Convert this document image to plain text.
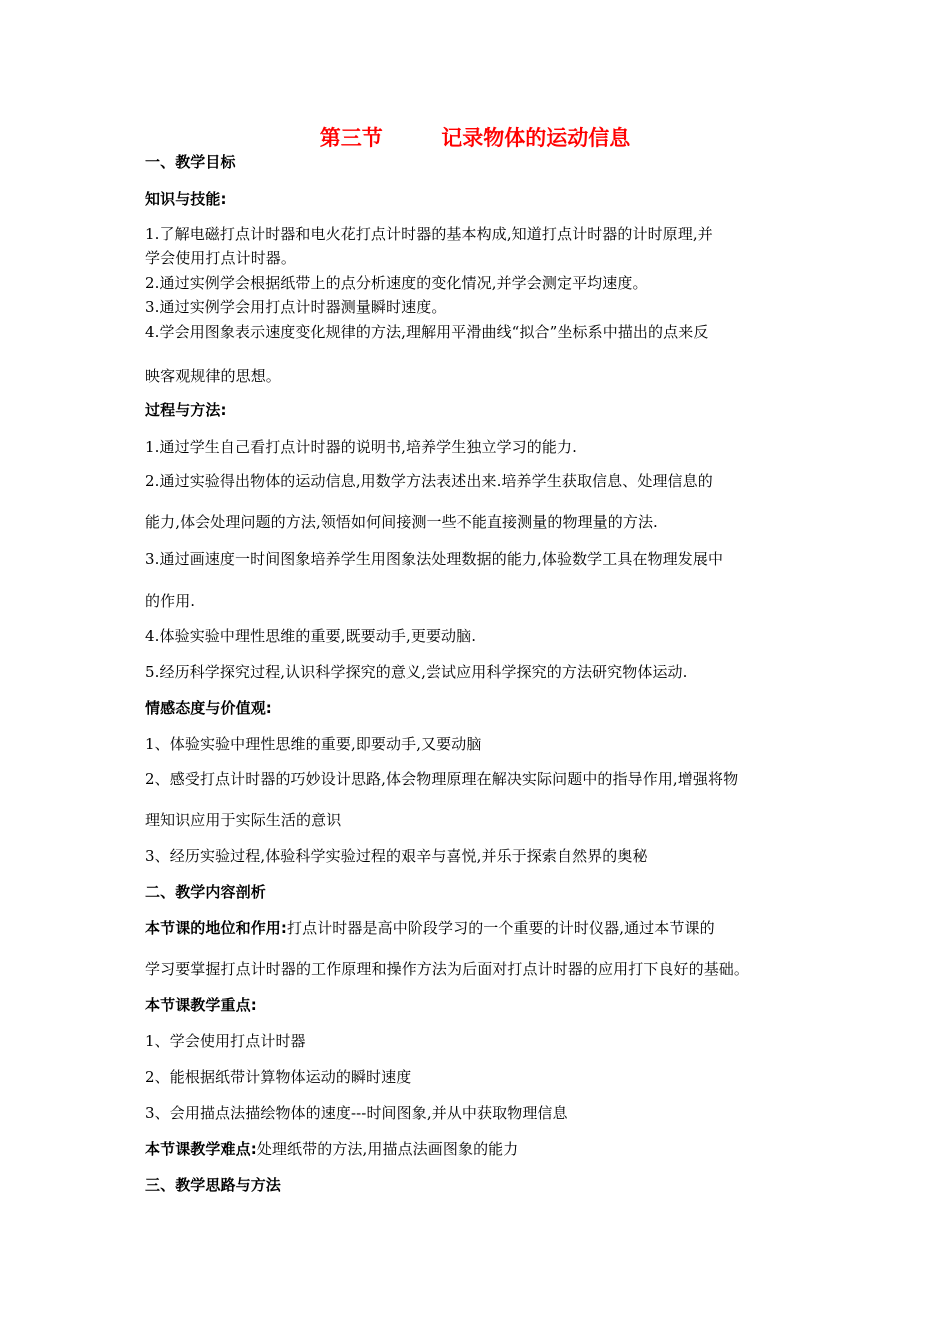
第三节        记录物体的运动信息
一、教学目标
知识与技能:
1.了解电磁打点计时器和电火花打点计时器的基本构成,知道打点计时器的计时原理,并
学会使用打点计时器。
2.通过实例学会根据纸带上的点分析速度的变化情况,并学会测定平均速度。
3.通过实例学会用打点计时器测量瞬时速度。
4.学会用图象表示速度变化规律的方法,理解用平滑曲线“拟合”坐标系中描出的点来反
映客观规律的思想。
过程与方法:
1.通过学生自己看打点计时器的说明书,培养学生独立学习的能力.
2.通过实验得出物体的运动信息,用数学方法表述出来.培养学生获取信息、处理信息的
能力,体会处理问题的方法,领悟如何间接测一些不能直接测量的物理量的方法.
3.通过画速度一时间图象培养学生用图象法处理数据的能力,体验数学工具在物理发展中
的作用.
4.体验实验中理性思维的重要,既要动手,更要动脑.
5.经历科学探究过程,认识科学探究的意义,尝试应用科学探究的方法研究物体运动.
情感态度与价值观:
1、体验实验中理性思维的重要,即要动手,又要动脑
2、感受打点计时器的巧妙设计思路,体会物理原理在解决实际问题中的指导作用,增强将物
理知识应用于实际生活的意识
3、经历实验过程,体验科学实验过程的艰辛与喜悦,并乐于探索自然界的奥秘
二、教学内容剖析
本节课的地位和作用:打点计时器是高中阶段学习的一个重要的计时仪器,通过本节课的
学习要掌握打点计时器的工作原理和操作方法为后面对打点计时器的应用打下良好的基础。
本节课教学重点:
1、学会使用打点计时器
2、能根据纸带计算物体运动的瞬时速度
3、会用描点法描绘物体的速度---时间图象,并从中获取物理信息
本节课教学难点:处理纸带的方法,用描点法画图象的能力
三、教学思路与方法
